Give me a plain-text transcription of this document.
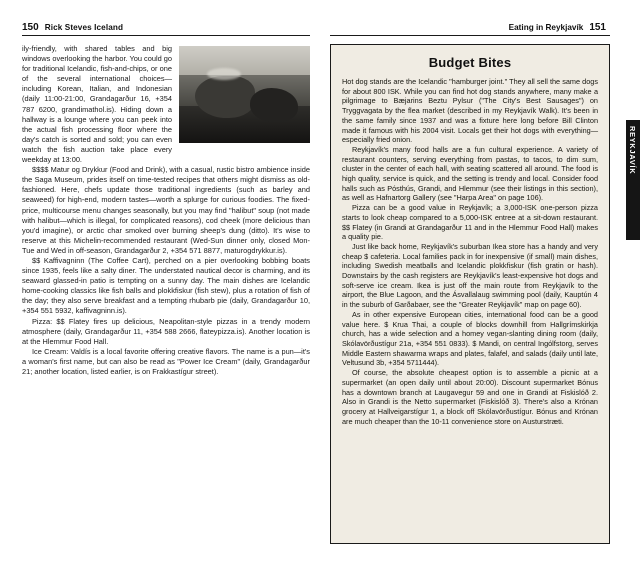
150 Rick Steves Iceland	Eating in Reykjavík 151
REYKJAVÍK

ily-friendly, with shared tables and big windows overlooking the harbor. You could go for traditional Icelandic, fish-and-chips, or one of the several international choices—including Korean, Italian, and Indonesian (daily 11:00-21:00, Grandagarður 16, +354 787 6200, grandimathol.is). Hiding down a hallway is a lounge where you can peek into the actual fish processing floor where the day's catch is sorted and sold; you can even watch the fish auction take place every weekday at 13:00.

$$$$ Matur og Drykkur (Food and Drink), with a casual, rustic bistro ambience inside the Saga Museum, prides itself on time-tested recipes that others might dismiss as old-fashioned. Here, chefs update those traditional ingredients (such as barley and seaweed) for high-end, modern tastes—worth a splurge for curious foodies. The fixed-price, multicourse menu changes seasonally, but you may find "halibut" soup (not made with halibut—which is illegal, for complicated reasons), cod cheek (more delicious than you'd imagine), or arctic char smoked over burning sheep's dung (ditto). It's wise to reserve at this Michelin-recommended restaurant (Wed-Sun dinner only, closed Mon-Tue and Wed in off-season, Grandagarður 2, +354 571 8877, maturogdrykkur.is).

$$ Kaffivagninn (The Coffee Cart), perched on a pier overlooking bobbing boats since 1935, feels like a salty diner. The understated nautical decor is charming, and its seaward glassed-in patio is tempting on a sunny day. The main dishes are Icelandic home-cooking classics like fish balls and plokkfiskur (fish stew), plus a rotation of fish of the day; they also serve breakfast and a tempting rhubarb pie (daily, Grandagarður 10, +354 551 5932, kaffivagninn.is).

Pizza: $$ Flatey fires up delicious, Neapolitan-style pizzas in a trendy modern atmosphere (daily, Grandagarður 11, +354 588 2666, flateypizza.is). Another location is at the Hlemmur Food Hall.

Ice Cream: Valdís is a local favorite offering creative flavors. The name is a pun—it's a woman's first name, but can also be read as "Power Ice Cream" (daily, Grandagarður 21; another location, listed earlier, is on Frakkastígur street).

Budget Bites

Hot dog stands are the Icelandic "hamburger joint." They all sell the same dogs for about 800 ISK. While you can find hot dog stands anywhere, many make a pilgrimage to Bæjarins Beztu Pylsur ("The City's Best Sausages") on Tryggvagata by the flea market (described in my Reykjavík Walk). It's been in the same family since 1937 and was a fixture here long before Bill Clinton made it famous with his 2004 visit. Locals get their hot dogs with everything—especially fried onion.

Reykjavík's many food halls are a fun cultural experience. A variety of restaurant counters, serving everything from pastas, to tacos, to dim sum, cluster in the center of each hall, with seating scattered all around. The food is high quality, service is quick, and the setting is trendy and local. Consider food halls such as Pósthús, Grandi, and Hlemmur (see their listings in this section), as well as Hafnartorg Gallery (see "Harpa Area" on page 106).

Pizza can be a good value in Reykjavík; a 3,000-ISK one-person pizza starts to look cheap compared to a 5,000-ISK entree at a sit-down restaurant. $$ Flatey (in Grandi at Grandagarður 11 and in the Hlemmur Food Hall) makes a quality pie.

Just like back home, Reykjavík's suburban Ikea store has a handy and very cheap $ cafeteria. Local families pack in for inexpensive (if small) main dishes, including Swedish meatballs and Icelandic plokkfiskur (fish gratin or hash). Downstairs by the cash registers are Reykjavík's least-expensive hot dogs and soft-serve ice cream. Ikea is just off the main route from Reykjavík to the airport, the Blue Lagoon, and the Ásvallalaug swimming pool (daily, Kauptún 4 in the suburb of Garðabaer, see the "Greater Reykjavík" map on page 60).

As in other expensive European cities, international food can be a good value here. $ Krua Thai, a couple of blocks downhill from Hallgrímskirkja church, has a wide selection and a homey vegan-slanting dining room (daily, Skólavörðustígur 21a, +354 551 0833). $ Mandi, on central Ingólfstorg, serves Middle Eastern shawarma wraps and plates, falafel, and salads (daily until late, Veltusund 3b, +354 5711444).

Of course, the absolute cheapest option is to assemble a picnic at a supermarket (an open daily until about 20:00). Discount supermarket Bónus has a downtown branch at Laugavegur 59 and one in Grandi at Fiskislóð 2. Also in Grandi is the Netto supermarket (Fiskislóð 3). There's also a Krónan grocery at Hallveigarstígur 1, a block off Skólavörðustígur. Bónus and Krónan are much cheaper than the 10-11 convenience store on Austurstræti.
